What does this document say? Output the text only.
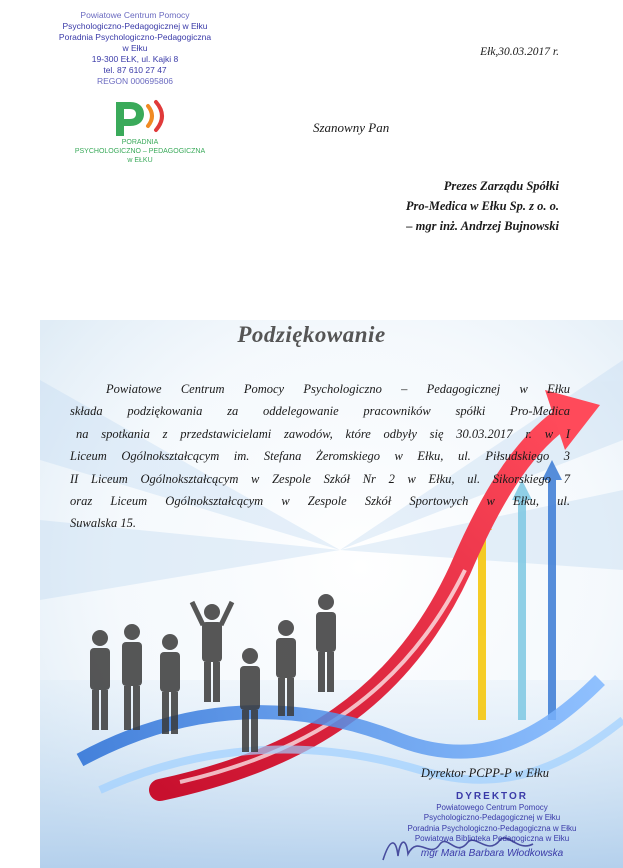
Powiatowe Centrum Pomocy
Psychologiczno-Pedagogicznej w Ełku
Poradnia Psychologiczno-Pedagogiczna
w Ełku
19-300 EŁK, ul. Kajki 8
tel. 87 610 27 47
REGON 000695806
PORADNIA
PSYCHOLOGICZNO – PEDAGOGICZNA
w EŁKU
Ełk,30.03.2017 r.
Szanowny Pan
Prezes Zarządu Spółki
Pro-Medica w Ełku Sp. z o. o.
– mgr inż. Andrzej Bujnowski
Podziękowanie
Powiatowe Centrum Pomocy Psychologiczno – Pedagogicznej w Ełku
składa podziękowania za oddelegowanie pracowników spółki Pro-Medica
na spotkania z przedstawicielami zawodów, które odbyły się 30.03.2017 r. w I
Liceum Ogólnokształcącym im. Stefana Żeromskiego w Ełku, ul. Piłsudskiego 3
II Liceum Ogólnokształcącym w Zespole Szkół Nr 2 w Ełku, ul. Sikorskiego 7
oraz Liceum Ogólnokształcącym w Zespole Szkół Sportowych w Ełku, ul.
Suwalska 15.
Dyrektor PCPP-P w Ełku
DYREKTOR
Powiatowego Centrum Pomocy
Psychologiczno-Pedagogicznej w Ełku
Poradnia Psychologiczno-Pedagogiczna w Ełku
Powiatowa Biblioteka Pedagogiczna w Ełku
mgr Maria Barbara Włodkowska
